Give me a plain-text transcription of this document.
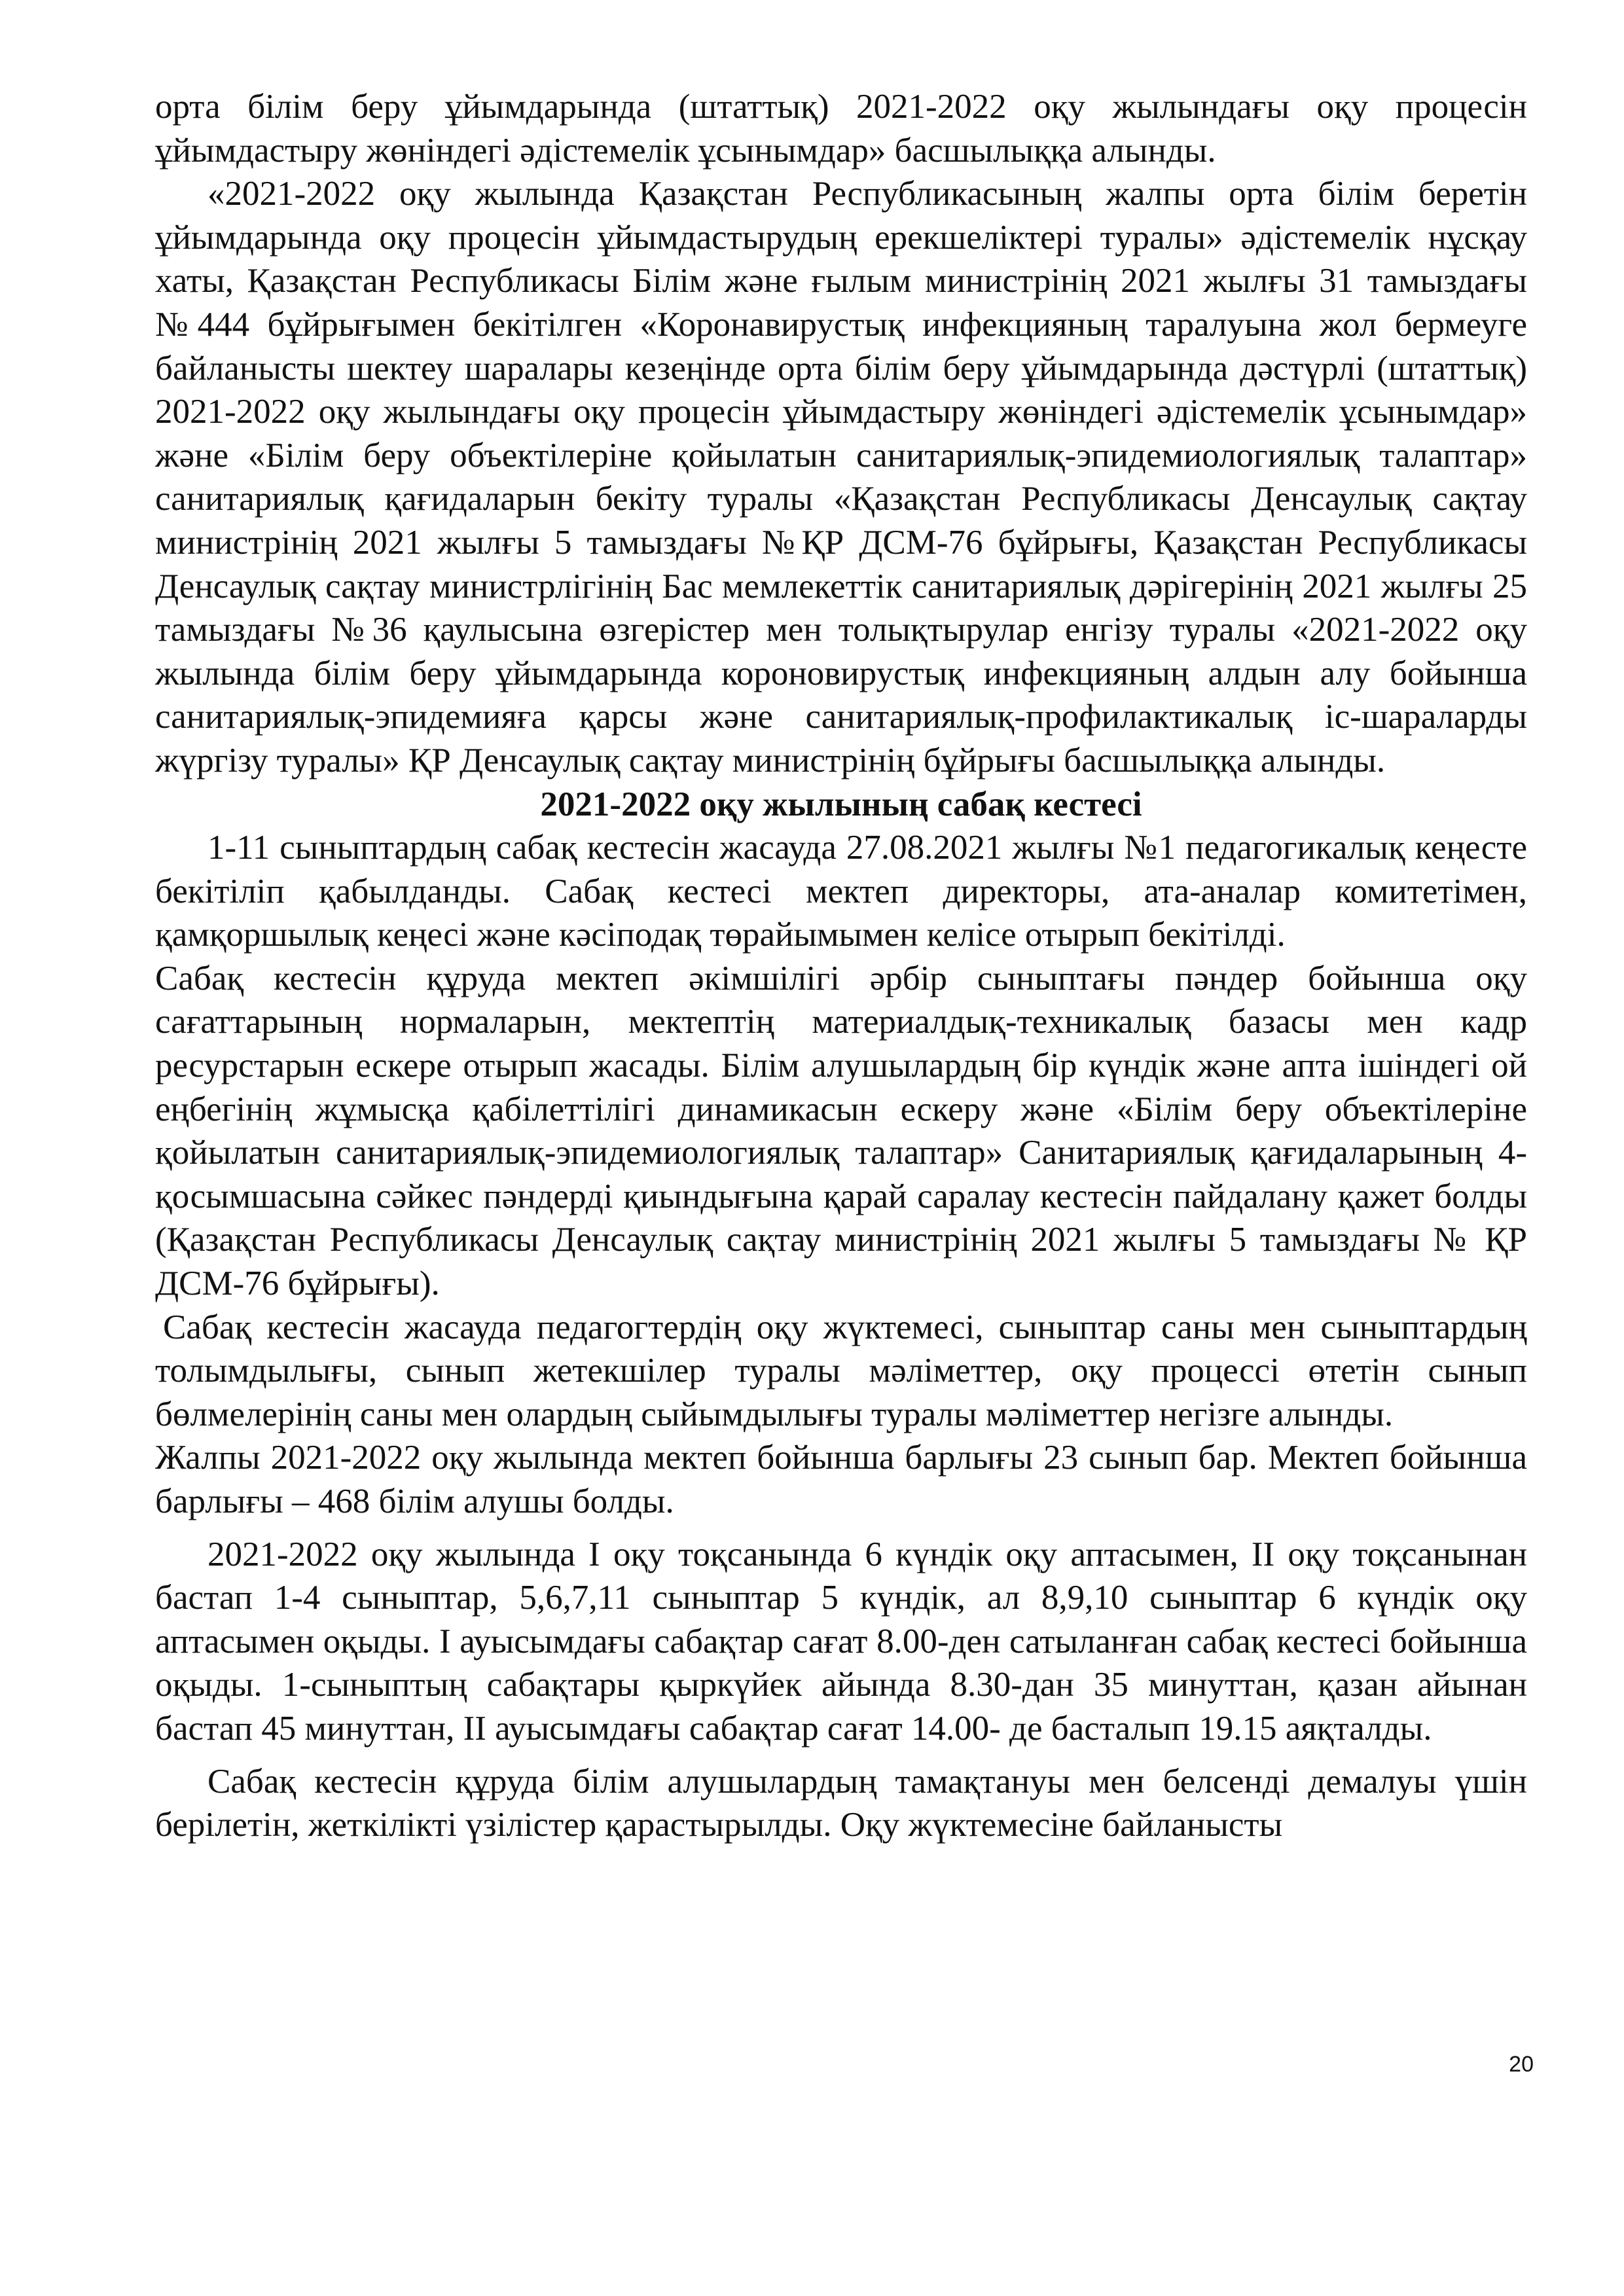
орта білім беру ұйымдарында (штаттық) 2021-2022 оқу жылындағы оқу процесін ұйымдастыру жөніндегі әдістемелік ұсынымдар» басшылыққа алынды.

«2021-2022 оқу жылында Қазақстан Республикасының жалпы орта білім беретін ұйымдарында оқу процесін ұйымдастырудың ерекшеліктері туралы» әдістемелік нұсқау хаты, Қазақстан Республикасы Білім және ғылым министрінің 2021 жылғы 31 тамыздағы №444 бұйрығымен бекітілген «Коронавирустық инфекцияның таралуына жол бермеуге байланысты шектеу шаралары кезеңінде орта білім беру ұйымдарында дәстүрлі (штаттық) 2021-2022 оқу жылындағы оқу процесін ұйымдастыру жөніндегі әдістемелік ұсынымдар» және «Білім беру объектілеріне қойылатын санитариялық-эпидемиологиялық талаптар» санитариялық қағидаларын бекіту туралы «Қазақстан Республикасы Денсаулық сақтау министрінің 2021 жылғы 5 тамыздағы №ҚР ДСМ-76 бұйрығы, Қазақстан Республикасы Денсаулық сақтау министрлігінің Бас мемлекеттік санитариялық дәрігерінің 2021 жылғы 25 тамыздағы №36 қаулысына өзгерістер мен толықтырулар енгізу туралы «2021-2022 оқу жылында білім беру ұйымдарында короновирустық инфекцияның алдын алу бойынша санитариялық-эпидемияға қарсы және санитариялық-профилактикалық іс-шараларды жүргізу туралы» ҚР Денсаулық сақтау министрінің бұйрығы басшылыққа алынды.

2021-2022 оқу жылының сабақ кестесі

1-11 сыныптардың сабақ кестесін жасауда 27.08.2021 жылғы №1 педагогикалық кеңесте бекітіліп қабылданды. Сабақ кестесі мектеп директоры, ата-аналар комитетімен, қамқоршылық кеңесі және кәсіподақ төрайымымен келісе отырып бекітілді.

Сабақ кестесін құруда мектеп әкімшілігі әрбір сыныптағы пәндер бойынша оқу сағаттарының нормаларын, мектептің материалдық-техникалық базасы мен кадр ресурстарын ескере отырып жасады. Білім алушылардың бір күндік және апта ішіндегі ой еңбегінің жұмысқа қабілеттілігі динамикасын ескеру және «Білім беру объектілеріне қойылатын санитариялық-эпидемиологиялық талаптар» Санитариялық қағидаларының 4-қосымшасына сәйкес пәндерді қиындығына қарай саралау кестесін пайдалану қажет болды (Қазақстан Республикасы Денсаулық сақтау министрінің 2021 жылғы 5 тамыздағы № ҚР ДСМ-76 бұйрығы).

Сабақ кестесін жасауда педагогтердің оқу жүктемесі, сыныптар саны мен сыныптардың толымдылығы, сынып жетекшілер туралы мәліметтер, оқу процессі өтетін сынып бөлмелерінің саны мен олардың сыйымдылығы туралы мәліметтер негізге алынды.

Жалпы 2021-2022 оқу жылында мектеп бойынша барлығы 23 сынып бар. Мектеп бойынша барлығы – 468 білім алушы болды.

2021-2022 оқу жылында І оқу тоқсанында 6 күндік оқу аптасымен, ІІ оқу тоқсанынан бастап 1-4 сыныптар, 5,6,7,11 сыныптар 5 күндік, ал 8,9,10 сыныптар 6 күндік оқу аптасымен оқыды. І ауысымдағы сабақтар сағат 8.00-ден сатыланған сабақ кестесі бойынша оқыды. 1-сыныптың сабақтары қыркүйек айында 8.30-дан 35 минуттан, қазан айынан бастап 45 минуттан, ІІ ауысымдағы сабақтар сағат 14.00- де басталып 19.15 аяқталды.

Сабақ кестесін құруда білім алушылардың тамақтануы мен белсенді демалуы үшін берілетін, жеткілікті үзілістер қарастырылды. Оқу жүктемесіне байланысты

20
